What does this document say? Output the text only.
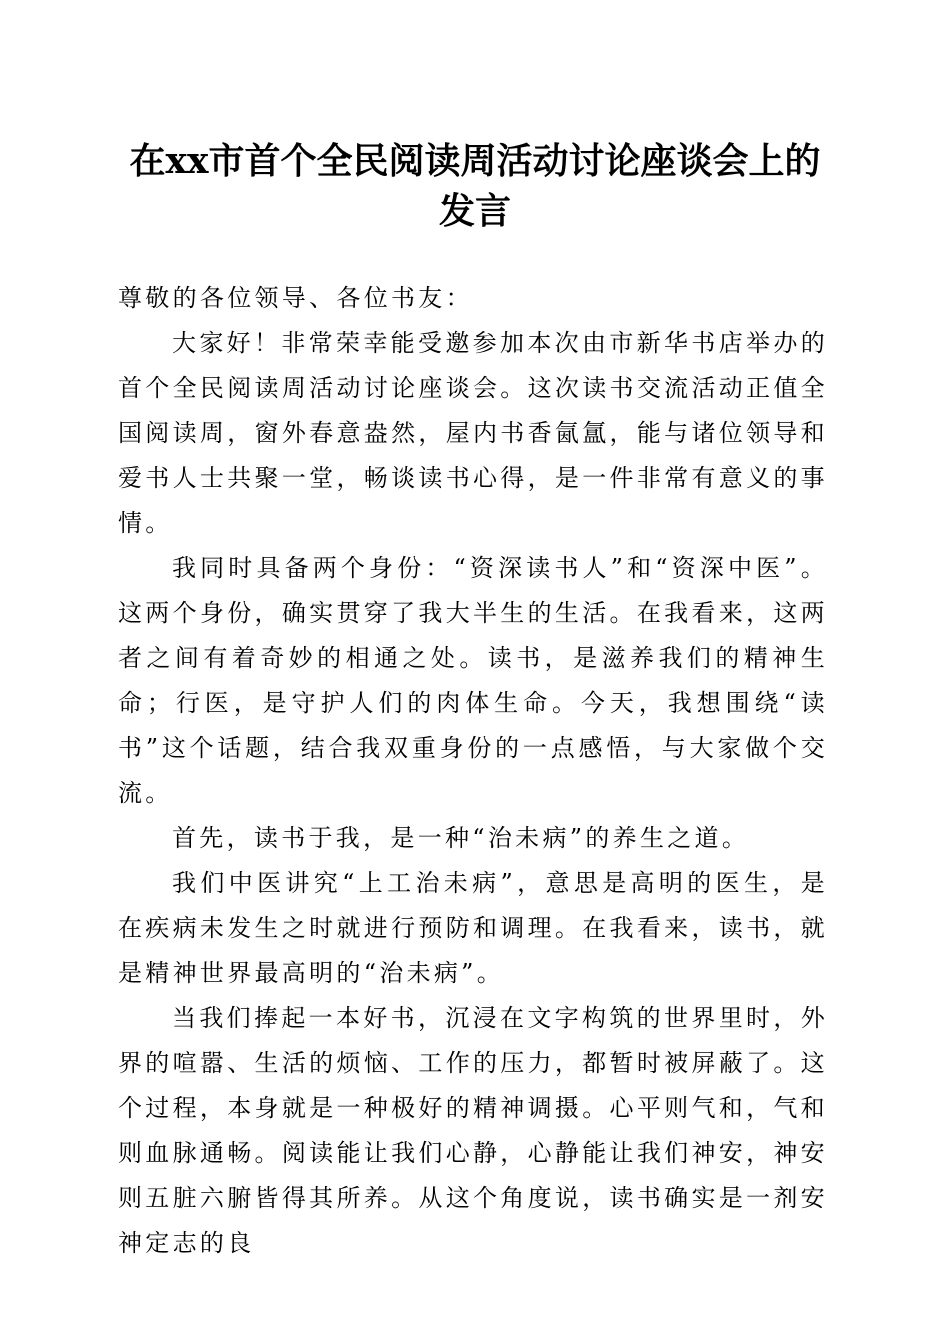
在xx市首个全民阅读周活动讨论座谈会上的
发言

尊敬的各位领导、各位书友：

大家好！非常荣幸能受邀参加本次由市新华书店举办的首个全民阅读周活动讨论座谈会。这次读书交流活动正值全国阅读周，窗外春意盎然，屋内书香氤氲，能与诸位领导和爱书人士共聚一堂，畅谈读书心得，是一件非常有意义的事情。

我同时具备两个身份：“资深读书人”和“资深中医”。这两个身份，确实贯穿了我大半生的生活。在我看来，这两者之间有着奇妙的相通之处。读书，是滋养我们的精神生命；行医，是守护人们的肉体生命。今天，我想围绕“读书”这个话题，结合我双重身份的一点感悟，与大家做个交流。

首先，读书于我，是一种“治未病”的养生之道。

我们中医讲究“上工治未病”，意思是高明的医生，是在疾病未发生之时就进行预防和调理。在我看来，读书，就是精神世界最高明的“治未病”。

当我们捧起一本好书，沉浸在文字构筑的世界里时，外界的喧嚣、生活的烦恼、工作的压力，都暂时被屏蔽了。这个过程，本身就是一种极好的精神调摄。心平则气和，气和则血脉通畅。阅读能让我们心静，心静能让我们神安，神安则五脏六腑皆得其所养。从这个角度说，读书确实是一剂安神定志的良
